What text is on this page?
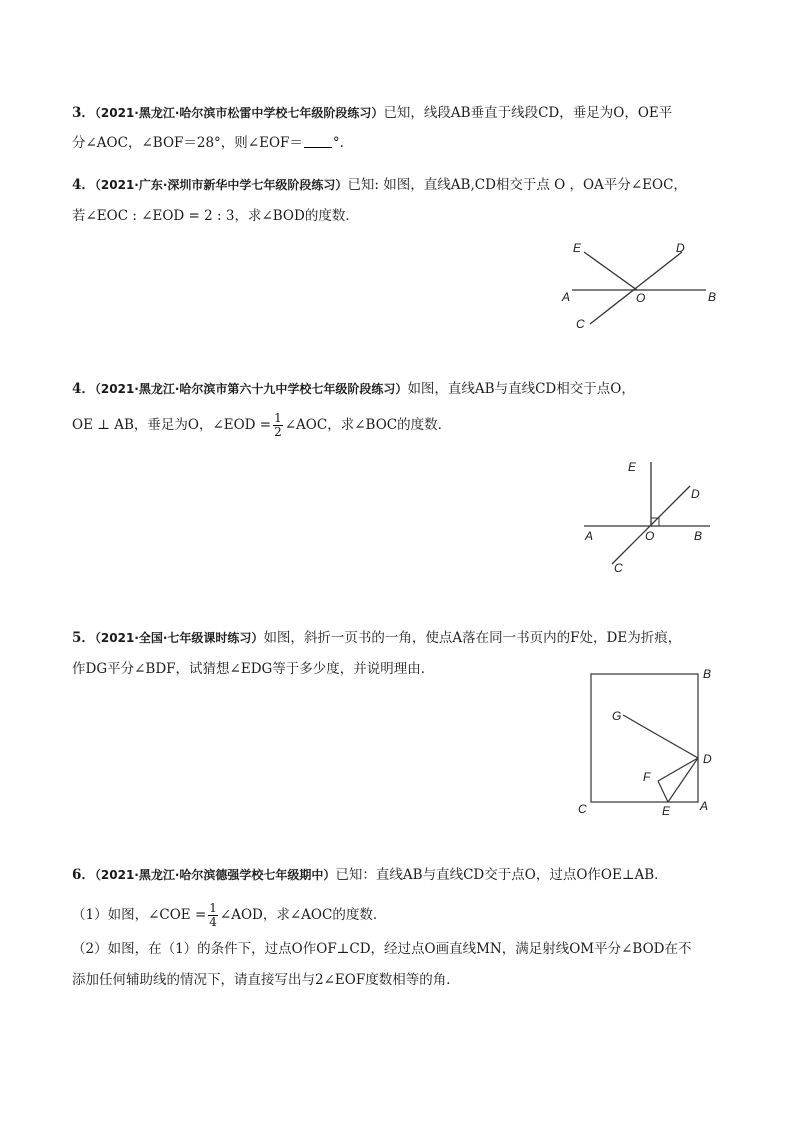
3．（2021·黑龙江·哈尔滨市松雷中学校七年级阶段练习）已知，线段AB垂直于线段CD，垂足为O，OE平
分∠AOC，∠BOF＝28°，则∠EOF＝ °.
4．（2021·广东·深圳市新华中学七年级阶段练习）已知: 如图，直线AB,CD相交于点 O ，OA平分∠EOC，
若∠EOC : ∠EOD = 2 : 3，求∠BOD的度数．
E	D
A	O	B
C
4．（2021·黑龙江·哈尔滨市第六十九中学校七年级阶段练习）如图，直线AB与直线CD相交于点O，
OE ⊥ AB，垂足为O，∠EOD = $\frac{1}{2}$ ∠AOC，求∠BOC的度数．
E
D
A	O	B
C
5．（2021·全国·七年级课时练习）如图，斜折一页书的一角，使点A落在同一书页内的F处，DE为折痕，
作DG平分∠BDF，试猜想∠EDG等于多少度，并说明理由．	B
G
D
F
C	E A
6．（2021·黑龙江·哈尔滨德强学校七年级期中）已知：直线AB与直线CD交于点O，过点O作OE⊥AB．
（1）如图，∠COE = $\frac{1}{4}$ ∠AOD，求∠AOC的度数．
（2）如图，在（1）的条件下，过点O作OF⊥CD，经过点O画直线MN，满足射线OM平分∠BOD在不
添加任何辅助线的情况下，请直接写出与2∠EOF度数相等的角．
